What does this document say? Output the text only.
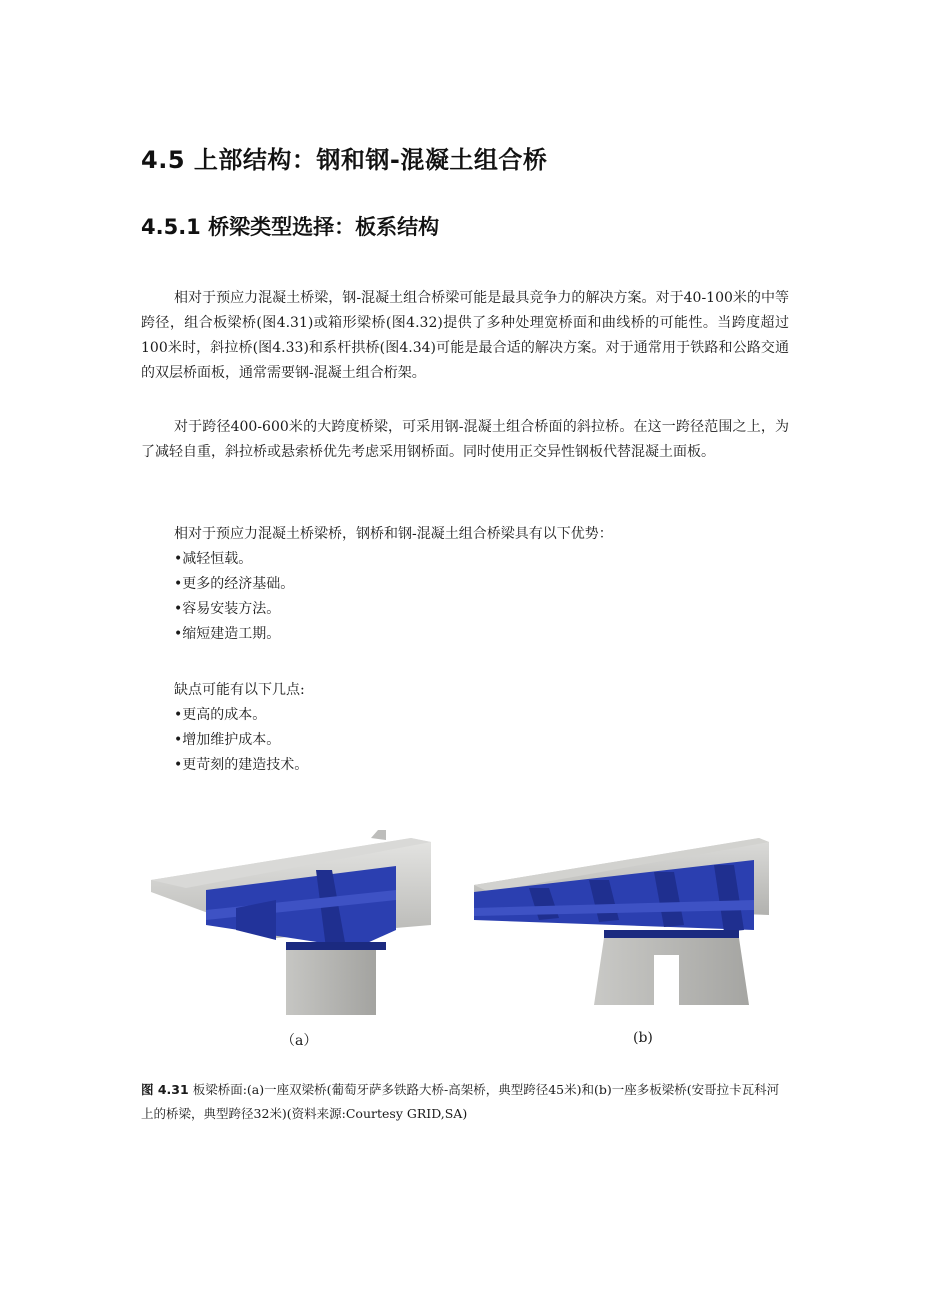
4.5 上部结构：钢和钢-混凝土组合桥
4.5.1 桥梁类型选择：板系结构

相对于预应力混凝土桥梁，钢-混凝土组合桥梁可能是最具竞争力的解决方案。对于40-100米的中等跨径，组合板梁桥(图4.31)或箱形梁桥(图4.32)提供了多种处理宽桥面和曲线桥的可能性。当跨度超过100米时，斜拉桥(图4.33)和系杆拱桥(图4.34)可能是最合适的解决方案。对于通常用于铁路和公路交通的双层桥面板，通常需要钢-混凝土组合桁架。

对于跨径400-600米的大跨度桥梁，可采用钢-混凝土组合桥面的斜拉桥。在这一跨径范围之上，为了减轻自重，斜拉桥或悬索桥优先考虑采用钢桥面。同时使用正交异性钢板代替混凝土面板。

相对于预应力混凝土桥梁桥，钢桥和钢-混凝土组合桥梁具有以下优势：
•减轻恒载。
•更多的经济基础。
•容易安装方法。
•缩短建造工期。
缺点可能有以下几点:
•更高的成本。
•增加维护成本。
•更苛刻的建造技术。
（a）	(b)

图 4.31 板梁桥面:(a)一座双梁桥(葡萄牙萨多铁路大桥-高架桥，典型跨径45米)和(b)一座多板梁桥(安哥拉卡瓦科河上的桥梁，典型跨径32米)(资料来源:Courtesy GRID,SA)
